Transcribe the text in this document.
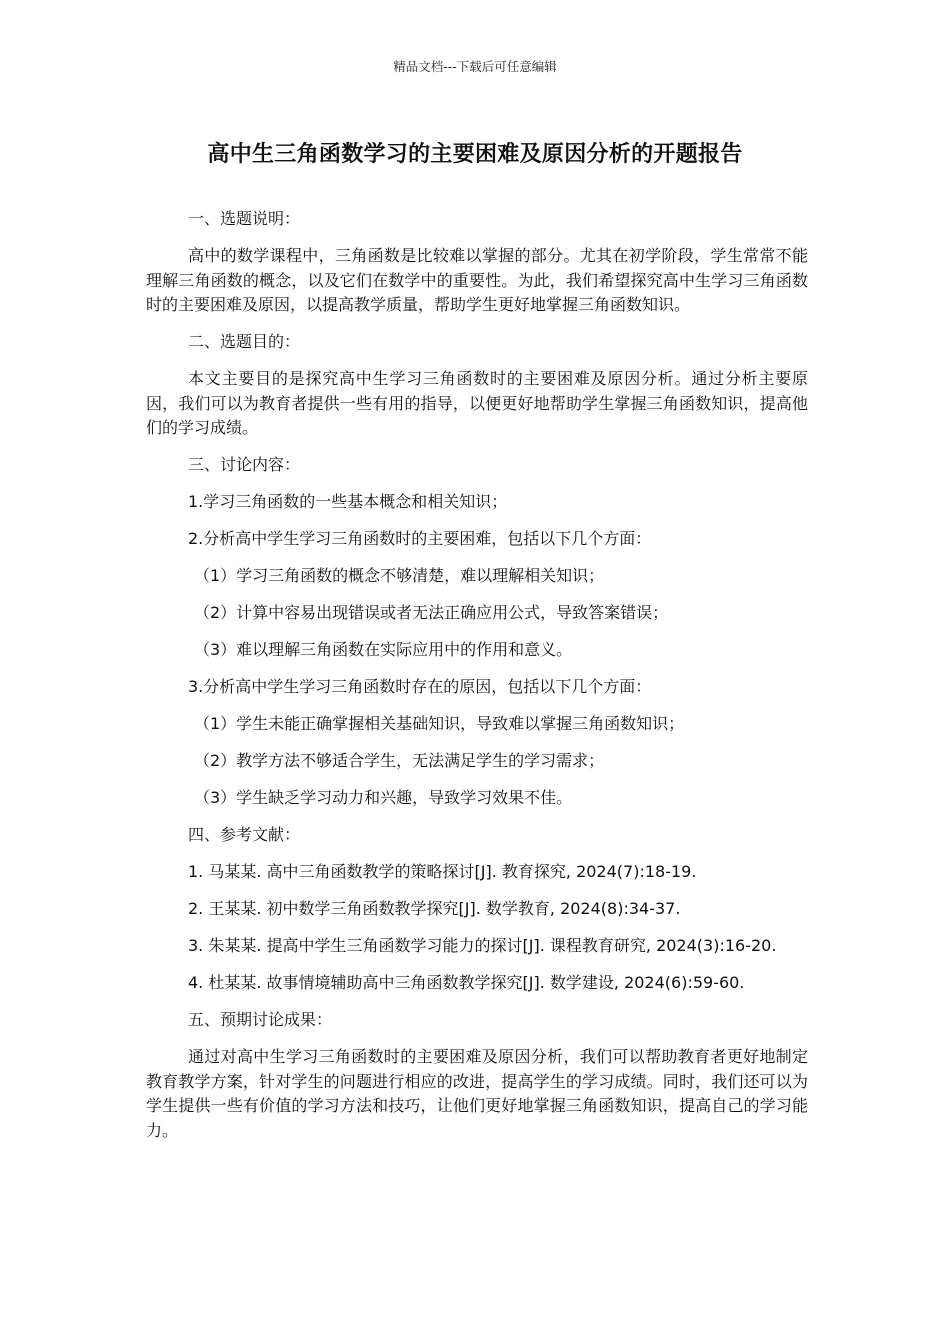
精品文档---下载后可任意编辑
高中生三角函数学习的主要困难及原因分析的开题报告

一、选题说明：

高中的数学课程中，三角函数是比较难以掌握的部分。尤其在初学阶段，学生常常不能理解三角函数的概念，以及它们在数学中的重要性。为此，我们希望探究高中生学习三角函数时的主要困难及原因，以提高教学质量，帮助学生更好地掌握三角函数知识。

二、选题目的：

本文主要目的是探究高中生学习三角函数时的主要困难及原因分析。通过分析主要原因，我们可以为教育者提供一些有用的指导，以便更好地帮助学生掌握三角函数知识，提高他们的学习成绩。

三、讨论内容：

1.学习三角函数的一些基本概念和相关知识；

2.分析高中学生学习三角函数时的主要困难，包括以下几个方面：

（1）学习三角函数的概念不够清楚，难以理解相关知识；

（2）计算中容易出现错误或者无法正确应用公式，导致答案错误；

（3）难以理解三角函数在实际应用中的作用和意义。

3.分析高中学生学习三角函数时存在的原因，包括以下几个方面：

（1）学生未能正确掌握相关基础知识，导致难以掌握三角函数知识；

（2）教学方法不够适合学生，无法满足学生的学习需求；

（3）学生缺乏学习动力和兴趣，导致学习效果不佳。

四、参考文献：

1. 马某某. 高中三角函数教学的策略探讨[J]. 教育探究, 2024(7):18-19.

2. 王某某. 初中数学三角函数教学探究[J]. 数学教育, 2024(8):34-37.

3. 朱某某. 提高中学生三角函数学习能力的探讨[J]. 课程教育研究, 2024(3):16-20.

4. 杜某某. 故事情境辅助高中三角函数教学探究[J]. 数学建设, 2024(6):59-60.

五、预期讨论成果：

通过对高中生学习三角函数时的主要困难及原因分析，我们可以帮助教育者更好地制定教育教学方案，针对学生的问题进行相应的改进，提高学生的学习成绩。同时，我们还可以为学生提供一些有价值的学习方法和技巧，让他们更好地掌握三角函数知识，提高自己的学习能力。
